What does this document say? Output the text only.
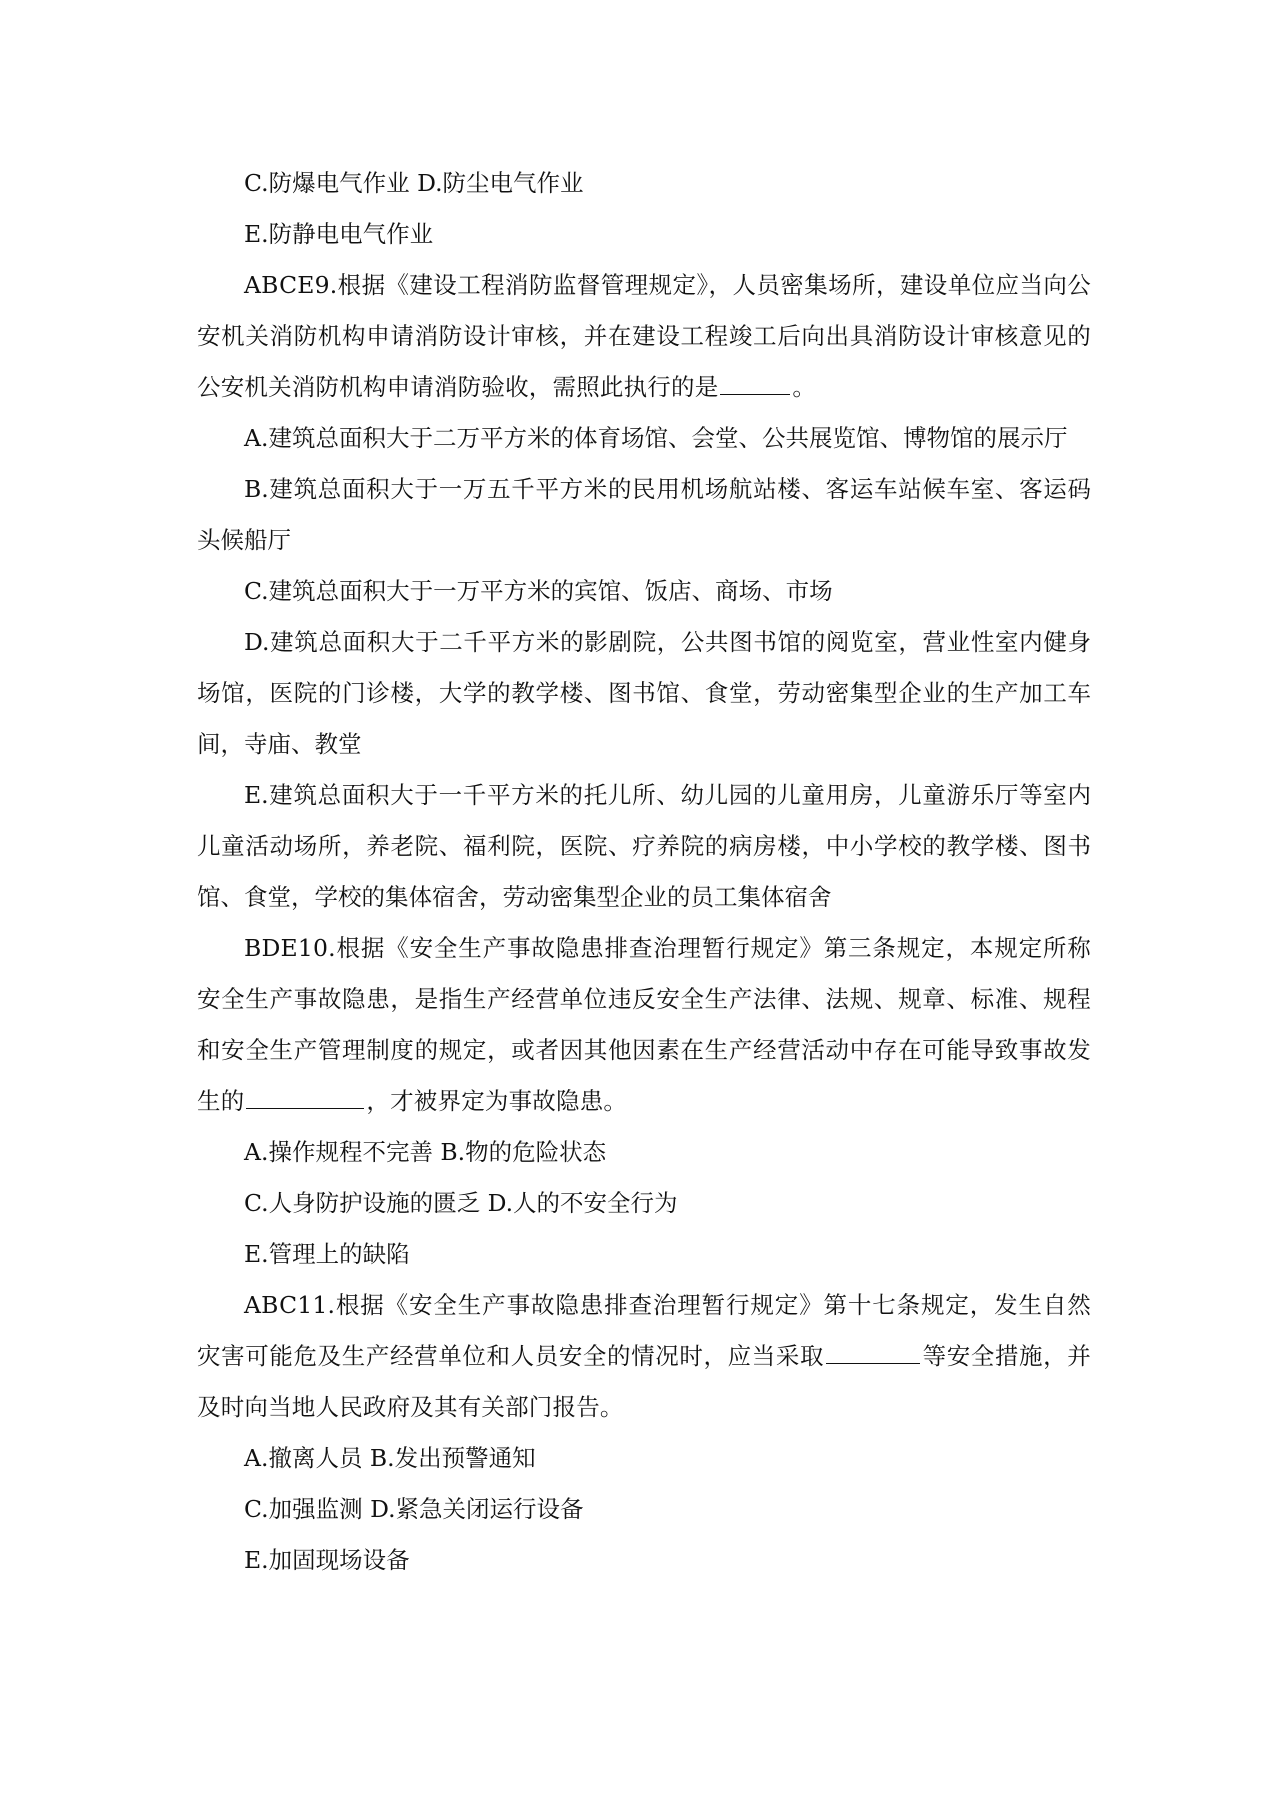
C.防爆电气作业 D.防尘电气作业

E.防静电电气作业

ABCE9.根据《建设工程消防监督管理规定》，人员密集场所，建设单位应当向公安机关消防机构申请消防设计审核，并在建设工程竣工后向出具消防设计审核意见的公安机关消防机构申请消防验收，需照此执行的是	。

A.建筑总面积大于二万平方米的体育场馆、会堂、公共展览馆、博物馆的展示厅

B.建筑总面积大于一万五千平方米的民用机场航站楼、客运车站候车室、客运码头候船厅

C.建筑总面积大于一万平方米的宾馆、饭店、商场、市场

D.建筑总面积大于二千平方米的影剧院，公共图书馆的阅览室，营业性室内健身场馆，医院的门诊楼，大学的教学楼、图书馆、食堂，劳动密集型企业的生产加工车间，寺庙、教堂

E.建筑总面积大于一千平方米的托儿所、幼儿园的儿童用房，儿童游乐厅等室内儿童活动场所，养老院、福利院，医院、疗养院的病房楼，中小学校的教学楼、图书馆、食堂，学校的集体宿舍，劳动密集型企业的员工集体宿舍

BDE10.根据《安全生产事故隐患排查治理暂行规定》第三条规定，本规定所称安全生产事故隐患，是指生产经营单位违反安全生产法律、法规、规章、标准、规程和安全生产管理制度的规定，或者因其他因素在生产经营活动中存在可能导致事故发生的	，才被界定为事故隐患。

A.操作规程不完善 B.物的危险状态

C.人身防护设施的匮乏 D.人的不安全行为

E.管理上的缺陷

ABC11.根据《安全生产事故隐患排查治理暂行规定》第十七条规定，发生自然灾害可能危及生产经营单位和人员安全的情况时，应当采取	等安全措施，并及时向当地人民政府及其有关部门报告。

A.撤离人员 B.发出预警通知

C.加强监测 D.紧急关闭运行设备

E.加固现场设备
